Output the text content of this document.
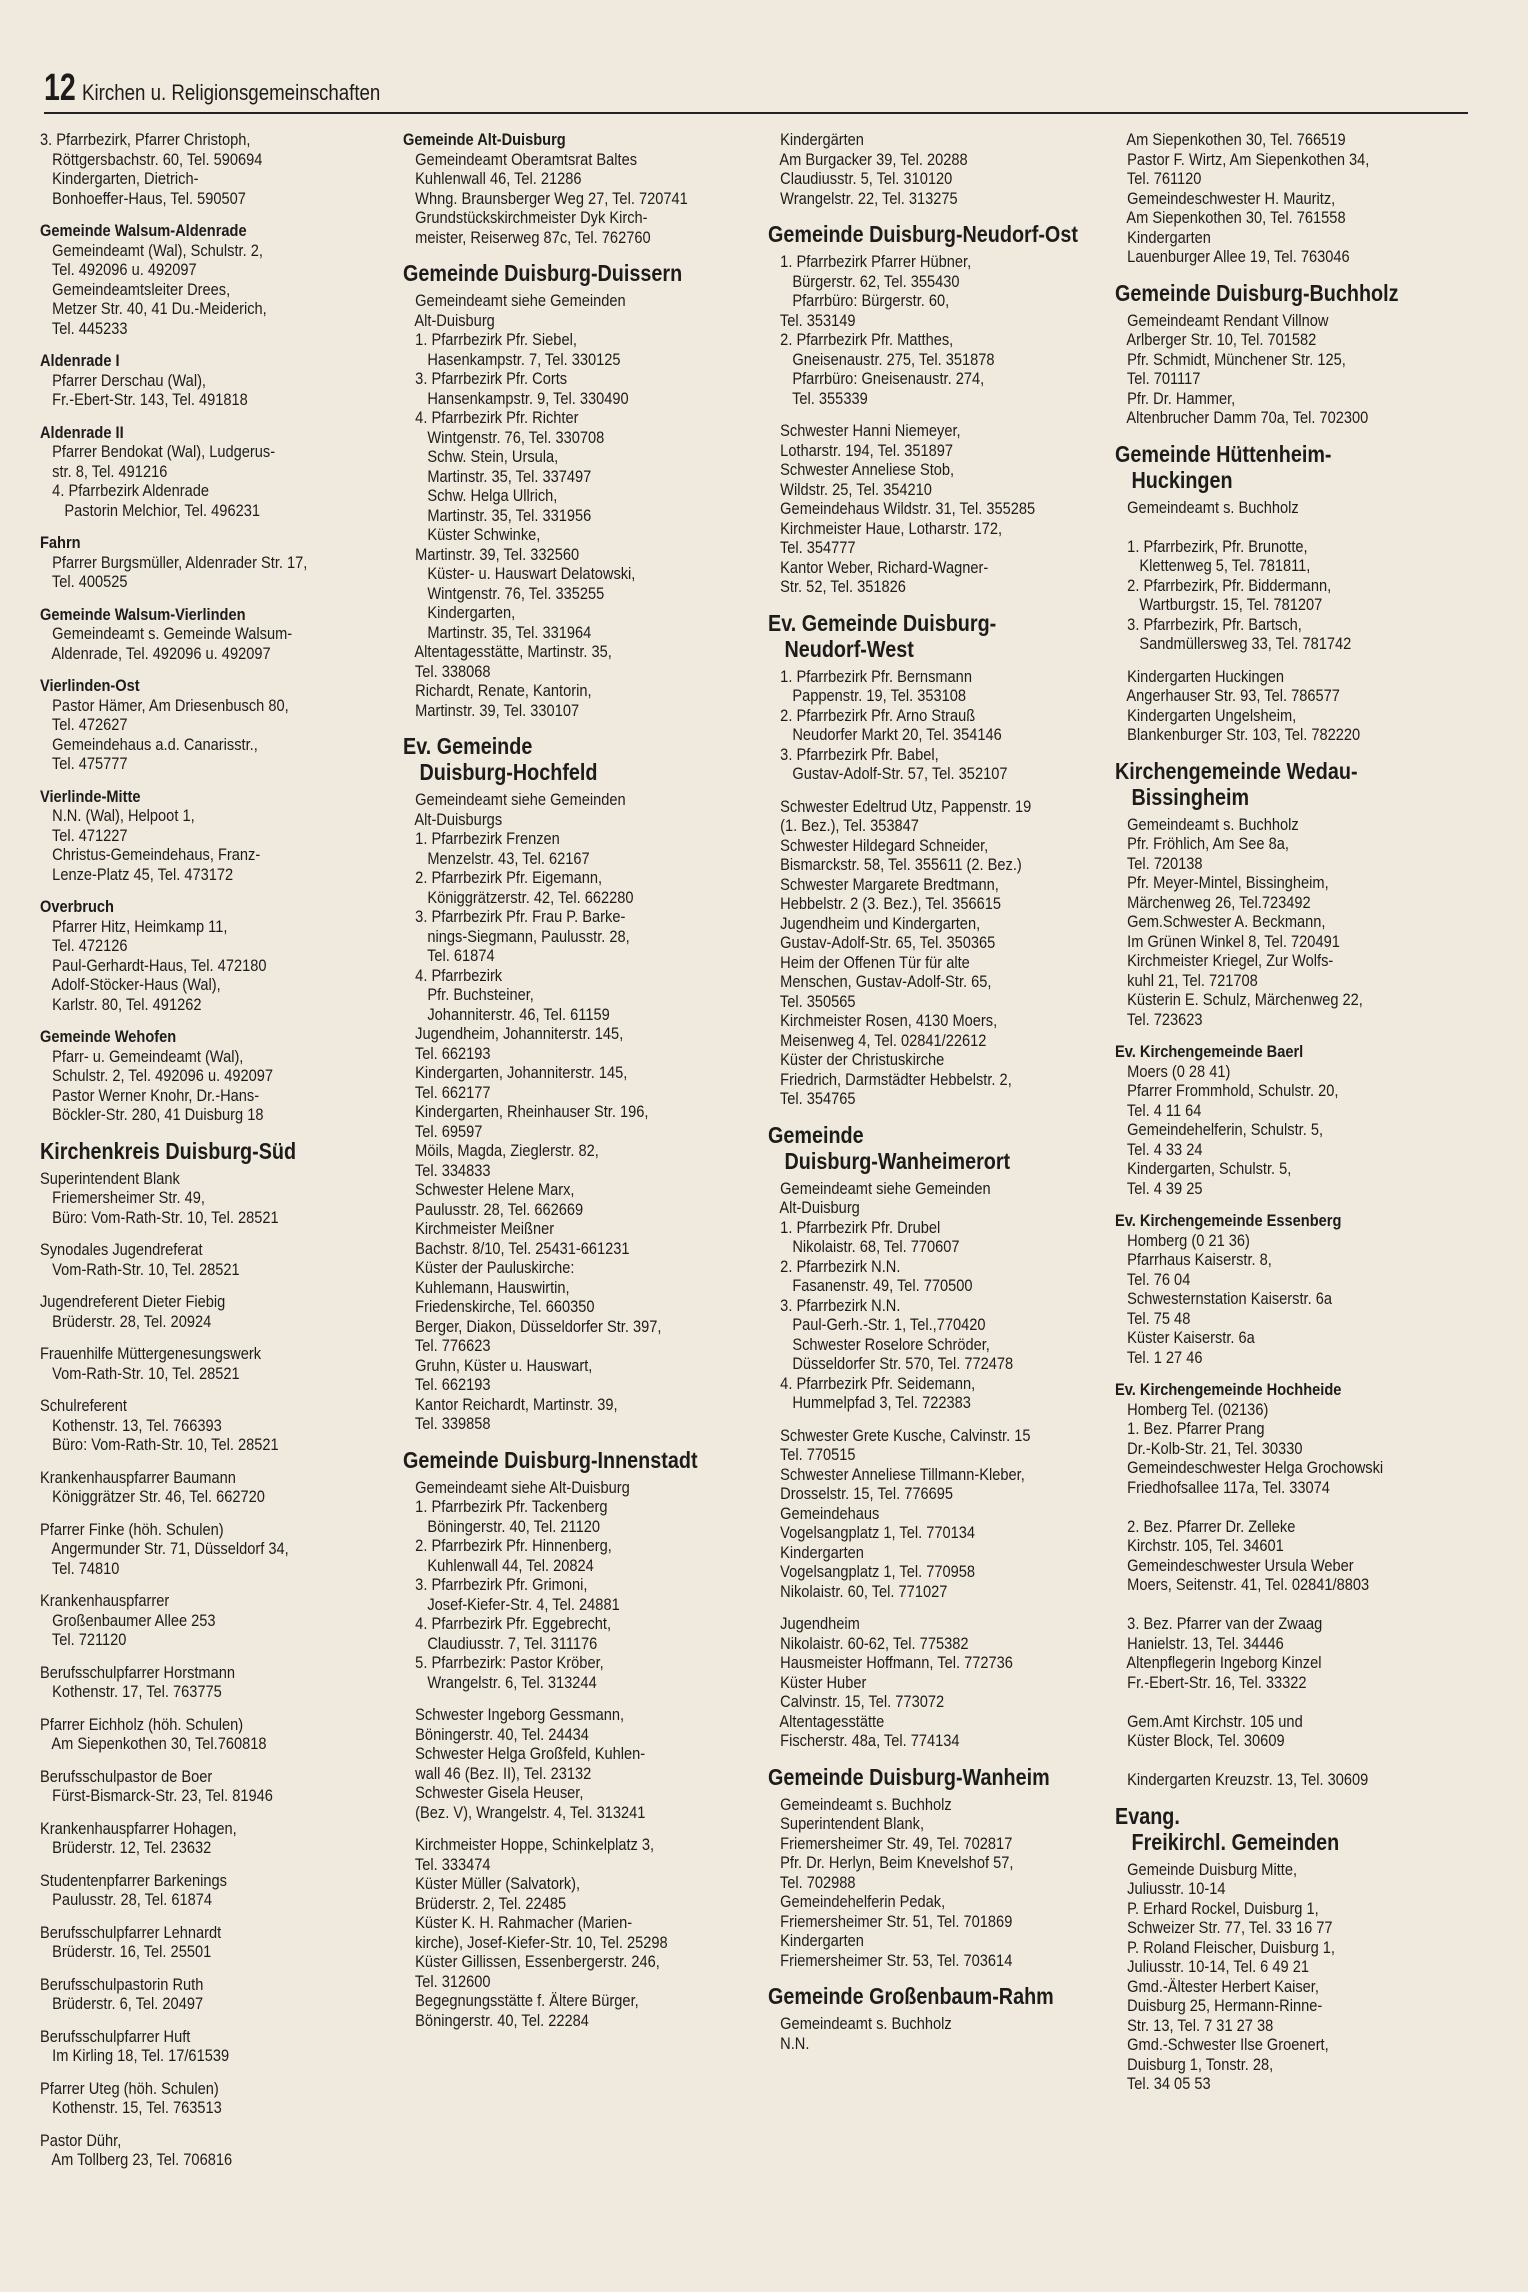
12 Kirchen u. Religionsgemeinschaften
3. Pfarrbezirk, Pfarrer Christoph,
Röttgersbachstr. 60, Tel. 590694
Kindergarten, Dietrich-
Bonhoeffer-Haus, Tel. 590507
Gemeinde Walsum-Aldenrade
Gemeindeamt (Wal), Schulstr. 2,
Tel. 492096 u. 492097
Gemeindeamtsleiter Drees,
Metzer Str. 40, 41 Du.-Meiderich,
Tel. 445233
Aldenrade I
Pfarrer Derschau (Wal),
Fr.-Ebert-Str. 143, Tel. 491818
Aldenrade II
Pfarrer Bendokat (Wal), Ludgerus-
str. 8, Tel. 491216
4. Pfarrbezirk Aldenrade
Pastorin Melchior, Tel. 496231
Fahrn
Pfarrer Burgsmüller, Aldenrader Str. 17,
Tel. 400525
Gemeinde Walsum-Vierlinden
Gemeindeamt s. Gemeinde Walsum-
Aldenrade, Tel. 492096 u. 492097
Vierlinden-Ost
Pastor Hämer, Am Driesenbusch 80,
Tel. 472627
Gemeindehaus a.d. Canarisstr.,
Tel. 475777
Vierlinde-Mitte
N.N. (Wal), Helpoot 1,
Tel. 471227
Christus-Gemeindehaus, Franz-
Lenze-Platz 45, Tel. 473172
Overbruch
Pfarrer Hitz, Heimkamp 11,
Tel. 472126
Paul-Gerhardt-Haus, Tel. 472180
Adolf-Stöcker-Haus (Wal),
Karlstr. 80, Tel. 491262
Gemeinde Wehofen
Pfarr- u. Gemeindeamt (Wal),
Schulstr. 2, Tel. 492096 u. 492097
Pastor Werner Knohr, Dr.-Hans-
Böckler-Str. 280, 41 Duisburg 18
Kirchenkreis Duisburg-Süd
Superintendent Blank
Friemersheimer Str. 49,
Büro: Vom-Rath-Str. 10, Tel. 28521
Synodales Jugendreferat
Vom-Rath-Str. 10, Tel. 28521
Jugendreferent Dieter Fiebig
Brüderstr. 28, Tel. 20924
Frauenhilfe Müttergenesungswerk
Vom-Rath-Str. 10, Tel. 28521
Schulreferent
Kothenstr. 13, Tel. 766393
Büro: Vom-Rath-Str. 10, Tel. 28521
Krankenhauspfarrer Baumann
Königgrätzer Str. 46, Tel. 662720
Pfarrer Finke (höh. Schulen)
Angermunder Str. 71, Düsseldorf 34,
Tel. 74810
Krankenhauspfarrer
Großenbaumer Allee 253
Tel. 721120
Berufsschulpfarrer Horstmann
Kothenstr. 17, Tel. 763775
Pfarrer Eichholz (höh. Schulen)
Am Siepenkothen 30, Tel.760818
Berufsschulpastor de Boer
Fürst-Bismarck-Str. 23, Tel. 81946
Krankenhauspfarrer Hohagen,
Brüderstr. 12, Tel. 23632
Studentenpfarrer Barkenings
Paulusstr. 28, Tel. 61874
Berufsschulpfarrer Lehnardt
Brüderstr. 16, Tel. 25501
Berufsschulpastorin Ruth
Brüderstr. 6, Tel. 20497
Berufsschulpfarrer Huft
Im Kirling 18, Tel. 17/61539
Pfarrer Uteg (höh. Schulen)
Kothenstr. 15, Tel. 763513
Pastor Dühr,
Am Tollberg 23, Tel. 706816
Gemeinde Alt-Duisburg
Gemeindeamt Oberamtsrat Baltes
Kuhlenwall 46, Tel. 21286
Whng. Braunsberger Weg 27, Tel. 720741
Grundstückskirchmeister Dyk Kirch-
meister, Reiserweg 87c, Tel. 762760
Gemeinde Duisburg-Duissern
Gemeindeamt siehe Gemeinden
Alt-Duisburg
1. Pfarrbezirk Pfr. Siebel,
Hasenkampstr. 7, Tel. 330125
3. Pfarrbezirk Pfr. Corts
Hansenkampstr. 9, Tel. 330490
4. Pfarrbezirk Pfr. Richter
Wintgenstr. 76, Tel. 330708
Schw. Stein, Ursula,
Martinstr. 35, Tel. 337497
Schw. Helga Ullrich,
Martinstr. 35, Tel. 331956
Küster Schwinke,
Martinstr. 39, Tel. 332560
Küster- u. Hauswart Delatowski,
Wintgenstr. 76, Tel. 335255
Kindergarten,
Martinstr. 35, Tel. 331964
Altentagesstätte, Martinstr. 35,
Tel. 338068
Richardt, Renate, Kantorin,
Martinstr. 39, Tel. 330107
Ev. Gemeinde
Duisburg-Hochfeld
Gemeindeamt siehe Gemeinden
Alt-Duisburgs
1. Pfarrbezirk Frenzen
Menzelstr. 43, Tel. 62167
2. Pfarrbezirk Pfr. Eigemann,
Königgrätzerstr. 42, Tel. 662280
3. Pfarrbezirk Pfr. Frau P. Barke-
nings-Siegmann, Paulusstr. 28,
Tel. 61874
4. Pfarrbezirk
Pfr. Buchsteiner,
Johanniterstr. 46, Tel. 61159
Jugendheim, Johanniterstr. 145,
Tel. 662193
Kindergarten, Johanniterstr. 145,
Tel. 662177
Kindergarten, Rheinhauser Str. 196,
Tel. 69597
Möils, Magda, Zieglerstr. 82,
Tel. 334833
Schwester Helene Marx,
Paulusstr. 28, Tel. 662669
Kirchmeister Meißner
Bachstr. 8/10, Tel. 25431-661231
Küster der Pauluskirche:
Kuhlemann, Hauswirtin,
Friedenskirche, Tel. 660350
Berger, Diakon, Düsseldorfer Str. 397,
Tel. 776623
Gruhn, Küster u. Hauswart,
Tel. 662193
Kantor Reichardt, Martinstr. 39,
Tel. 339858
Gemeinde Duisburg-Innenstadt
Gemeindeamt siehe Alt-Duisburg
1. Pfarrbezirk Pfr. Tackenberg
Böningerstr. 40, Tel. 21120
2. Pfarrbezirk Pfr. Hinnenberg,
Kuhlenwall 44, Tel. 20824
3. Pfarrbezirk Pfr. Grimoni,
Josef-Kiefer-Str. 4, Tel. 24881
4. Pfarrbezirk Pfr. Eggebrecht,
Claudiusstr. 7, Tel. 311176
5. Pfarrbezirk: Pastor Kröber,
Wrangelstr. 6, Tel. 313244
Schwester Ingeborg Gessmann,
Böningerstr. 40, Tel. 24434
Schwester Helga Großfeld, Kuhlen-
wall 46 (Bez. II), Tel. 23132
Schwester Gisela Heuser,
(Bez. V), Wrangelstr. 4, Tel. 313241
Kirchmeister Hoppe, Schinkelplatz 3,
Tel. 333474
Küster Müller (Salvatork),
Brüderstr. 2, Tel. 22485
Küster K. H. Rahmacher (Marien-
kirche), Josef-Kiefer-Str. 10, Tel. 25298
Küster Gillissen, Essenbergerstr. 246,
Tel. 312600
Begegnungsstätte f. Ältere Bürger,
Böningerstr. 40, Tel. 22284
Kindergärten
Am Burgacker 39, Tel. 20288
Claudiusstr. 5, Tel. 310120
Wrangelstr. 22, Tel. 313275
Gemeinde Duisburg-Neudorf-Ost
1. Pfarrbezirk Pfarrer Hübner,
Bürgerstr. 62, Tel. 355430
Pfarrbüro: Bürgerstr. 60,
Tel. 353149
2. Pfarrbezirk Pfr. Matthes,
Gneisenaustr. 275, Tel. 351878
Pfarrbüro: Gneisenaustr. 274,
Tel. 355339
Schwester Hanni Niemeyer,
Lotharstr. 194, Tel. 351897
Schwester Anneliese Stob,
Wildstr. 25, Tel. 354210
Gemeindehaus Wildstr. 31, Tel. 355285
Kirchmeister Haue, Lotharstr. 172,
Tel. 354777
Kantor Weber, Richard-Wagner-
Str. 52, Tel. 351826
Ev. Gemeinde Duisburg-
Neudorf-West
1. Pfarrbezirk Pfr. Bernsmann
Pappenstr. 19, Tel. 353108
2. Pfarrbezirk Pfr. Arno Strauß
Neudorfer Markt 20, Tel. 354146
3. Pfarrbezirk Pfr. Babel,
Gustav-Adolf-Str. 57, Tel. 352107
Schwester Edeltrud Utz, Pappenstr. 19
(1. Bez.), Tel. 353847
Schwester Hildegard Schneider,
Bismarckstr. 58, Tel. 355611 (2. Bez.)
Schwester Margarete Bredtmann,
Hebbelstr. 2 (3. Bez.), Tel. 356615
Jugendheim und Kindergarten,
Gustav-Adolf-Str. 65, Tel. 350365
Heim der Offenen Tür für alte
Menschen, Gustav-Adolf-Str. 65,
Tel. 350565
Kirchmeister Rosen, 4130 Moers,
Meisenweg 4, Tel. 02841/22612
Küster der Christuskirche
Friedrich, Darmstädter Hebbelstr. 2,
Tel. 354765
Gemeinde
Duisburg-Wanheimerort
Gemeindeamt siehe Gemeinden
Alt-Duisburg
1. Pfarrbezirk Pfr. Drubel
Nikolaistr. 68, Tel. 770607
2. Pfarrbezirk N.N.
Fasanenstr. 49, Tel. 770500
3. Pfarrbezirk N.N.
Paul-Gerh.-Str. 1, Tel.,770420
Schwester Roselore Schröder,
Düsseldorfer Str. 570, Tel. 772478
4. Pfarrbezirk Pfr. Seidemann,
Hummelpfad 3, Tel. 722383
Schwester Grete Kusche, Calvinstr. 15
Tel. 770515
Schwester Anneliese Tillmann-Kleber,
Drosselstr. 15, Tel. 776695
Gemeindehaus
Vogelsangplatz 1, Tel. 770134
Kindergarten
Vogelsangplatz 1, Tel. 770958
Nikolaistr. 60, Tel. 771027
Jugendheim
Nikolaistr. 60-62, Tel. 775382
Hausmeister Hoffmann, Tel. 772736
Küster Huber
Calvinstr. 15, Tel. 773072
Altentagesstätte
Fischerstr. 48a, Tel. 774134
Gemeinde Duisburg-Wanheim
Gemeindeamt s. Buchholz
Superintendent Blank,
Friemersheimer Str. 49, Tel. 702817
Pfr. Dr. Herlyn, Beim Knevelshof 57,
Tel. 702988
Gemeindehelferin Pedak,
Friemersheimer Str. 51, Tel. 701869
Kindergarten
Friemersheimer Str. 53, Tel. 703614
Gemeinde Großenbaum-Rahm
Gemeindeamt s. Buchholz
N.N.
Am Siepenkothen 30, Tel. 766519
Pastor F. Wirtz, Am Siepenkothen 34,
Tel. 761120
Gemeindeschwester H. Mauritz,
Am Siepenkothen 30, Tel. 761558
Kindergarten
Lauenburger Allee 19, Tel. 763046
Gemeinde Duisburg-Buchholz
Gemeindeamt Rendant Villnow
Arlberger Str. 10, Tel. 701582
Pfr. Schmidt, Münchener Str. 125,
Tel. 701117
Pfr. Dr. Hammer,
Altenbrucher Damm 70a, Tel. 702300
Gemeinde Hüttenheim-
Huckingen
Gemeindeamt s. Buchholz

1. Pfarrbezirk, Pfr. Brunotte,
Klettenweg 5, Tel. 781811,
2. Pfarrbezirk, Pfr. Biddermann,
Wartburgstr. 15, Tel. 781207
3. Pfarrbezirk, Pfr. Bartsch,
Sandmüllersweg 33, Tel. 781742
Kindergarten Huckingen
Angerhauser Str. 93, Tel. 786577
Kindergarten Ungelsheim,
Blankenburger Str. 103, Tel. 782220
Kirchengemeinde Wedau-
Bissingheim
Gemeindeamt s. Buchholz
Pfr. Fröhlich, Am See 8a,
Tel. 720138
Pfr. Meyer-Mintel, Bissingheim,
Märchenweg 26, Tel.723492
Gem.Schwester A. Beckmann,
Im Grünen Winkel 8, Tel. 720491
Kirchmeister Kriegel, Zur Wolfs-
kuhl 21, Tel. 721708
Küsterin E. Schulz, Märchenweg 22,
Tel. 723623
Ev. Kirchengemeinde Baerl
Moers (0 28 41)
Pfarrer Frommhold, Schulstr. 20,
Tel. 4 11 64
Gemeindehelferin, Schulstr. 5,
Tel. 4 33 24
Kindergarten, Schulstr. 5,
Tel. 4 39 25
Ev. Kirchengemeinde Essenberg
Homberg (0 21 36)
Pfarrhaus Kaiserstr. 8,
Tel. 76 04
Schwesternstation Kaiserstr. 6a
Tel. 75 48
Küster Kaiserstr. 6a
Tel. 1 27 46
Ev. Kirchengemeinde Hochheide
Homberg Tel. (02136)
1. Bez. Pfarrer Prang
Dr.-Kolb-Str. 21, Tel. 30330
Gemeindeschwester Helga Grochowski
Friedhofsallee 117a, Tel. 33074

2. Bez. Pfarrer Dr. Zelleke
Kirchstr. 105, Tel. 34601
Gemeindeschwester Ursula Weber
Moers, Seitenstr. 41, Tel. 02841/8803

3. Bez. Pfarrer van der Zwaag
Hanielstr. 13, Tel. 34446
Altenpflegerin Ingeborg Kinzel
Fr.-Ebert-Str. 16, Tel. 33322

Gem.Amt Kirchstr. 105 und
Küster Block, Tel. 30609

Kindergarten Kreuzstr. 13, Tel. 30609
Evang.
Freikirchl. Gemeinden
Gemeinde Duisburg Mitte,
Juliusstr. 10-14
P. Erhard Rockel, Duisburg 1,
Schweizer Str. 77, Tel. 33 16 77
P. Roland Fleischer, Duisburg 1,
Juliusstr. 10-14, Tel. 6 49 21
Gmd.-Ältester Herbert Kaiser,
Duisburg 25, Hermann-Rinne-
Str. 13, Tel. 7 31 27 38
Gmd.-Schwester Ilse Groenert,
Duisburg 1, Tonstr. 28,
Tel. 34 05 53
